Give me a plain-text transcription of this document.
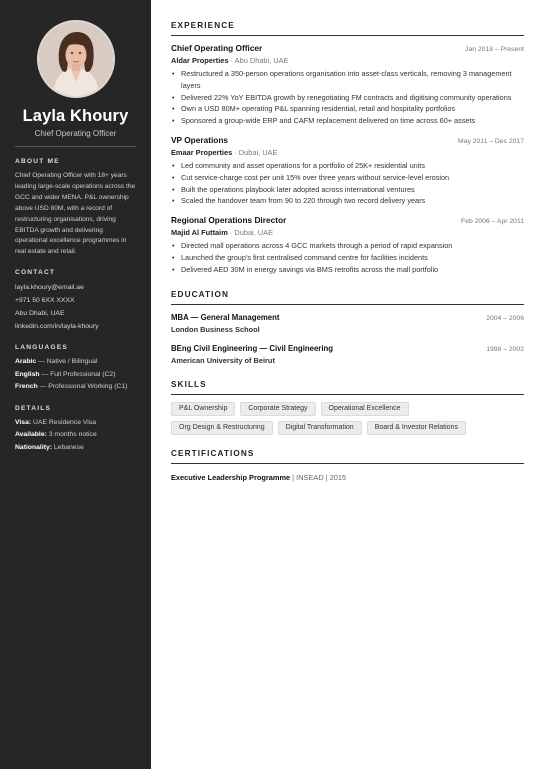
Layla Khoury
Chief Operating Officer
ABOUT ME
Chief Operating Officer with 18+ years leading large-scale operations across the GCC and wider MENA. P&L ownership above USD 80M, with a record of restructuring organisations, driving EBITDA growth and delivering operational excellence programmes in real estate and retail.
CONTACT
layla.khoury@email.ae
+971 50 6XX XXXX
Abu Dhabi, UAE
linkedin.com/in/layla-khoury
LANGUAGES
Arabic — Native / Bilingual
English — Full Professional (C2)
French — Professional Working (C1)
DETAILS
Visa: UAE Residence Visa
Available: 3 months notice
Nationality: Lebanese
EXPERIENCE
Chief Operating Officer	Jan 2018 – Present
Aldar Properties · Abu Dhabi, UAE
• Restructured a 350-person operations organisation into asset-class verticals, removing 3 management layers
• Delivered 22% YoY EBITDA growth by renegotiating FM contracts and digitising community operations
• Own a USD 80M+ operating P&L spanning residential, retail and hospitality portfolios
• Sponsored a group-wide ERP and CAFM replacement delivered on time across 60+ assets
VP Operations	May 2011 – Dec 2017
Emaar Properties · Dubai, UAE
• Led community and asset operations for a portfolio of 25K+ residential units
• Cut service-charge cost per unit 15% over three years without service-level erosion
• Built the operations playbook later adopted across international ventures
• Scaled the handover team from 90 to 220 through two record delivery years
Regional Operations Director	Feb 2006 – Apr 2011
Majid Al Futtaim · Dubai, UAE
• Directed mall operations across 4 GCC markets through a period of rapid expansion
• Launched the group's first centralised command centre for facilities incidents
• Delivered AED 30M in energy savings via BMS retrofits across the mall portfolio
EDUCATION
MBA — General Management	2004 – 2006
London Business School
BEng Civil Engineering — Civil Engineering	1998 – 2002
American University of Beirut
SKILLS
P&L Ownership	Corporate Strategy	Operational Excellence
Org Design & Restructuring	Digital Transformation	Board & Investor Relations
CERTIFICATIONS
Executive Leadership Programme | INSEAD | 2015
